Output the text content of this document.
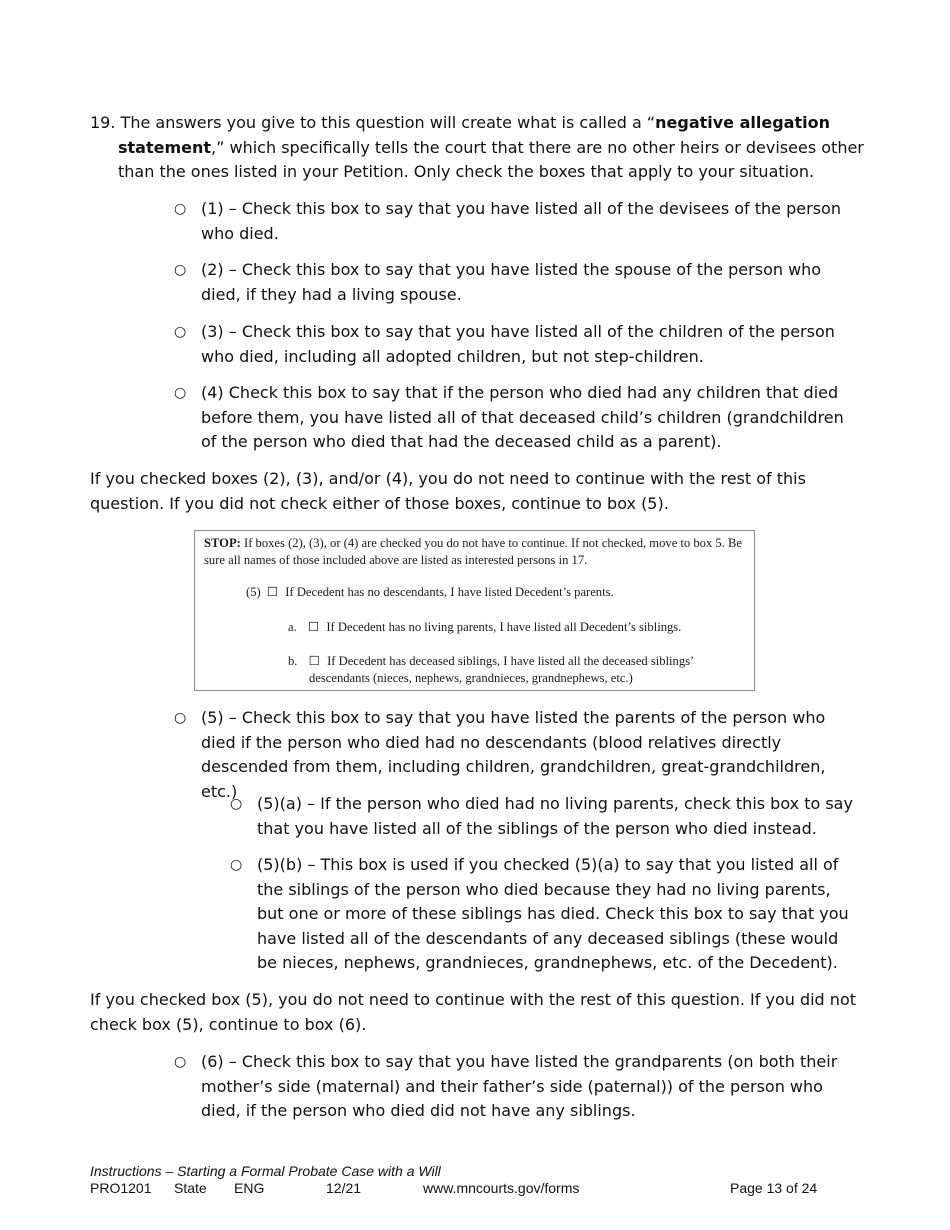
19. The answers you give to this question will create what is called a “negative allegation statement,” which specifically tells the court that there are no other heirs or devisees other than the ones listed in your Petition. Only check the boxes that apply to your situation.
○ (1) – Check this box to say that you have listed all of the devisees of the person who died.
○ (2) – Check this box to say that you have listed the spouse of the person who died, if they had a living spouse.
○ (3) – Check this box to say that you have listed all of the children of the person who died, including all adopted children, but not step-children.
○ (4) Check this box to say that if the person who died had any children that died before them, you have listed all of that deceased child’s children (grandchildren of the person who died that had the deceased child as a parent).
If you checked boxes (2), (3), and/or (4), you do not need to continue with the rest of this question. If you did not check either of those boxes, continue to box (5).
STOP: If boxes (2), (3), or (4) are checked you do not have to continue. If not checked, move to box 5. Be sure all names of those included above are listed as interested persons in 17.
(5) ☐ If Decedent has no descendants, I have listed Decedent’s parents.
a. ☐ If Decedent has no living parents, I have listed all Decedent’s siblings.
b. ☐ If Decedent has deceased siblings, I have listed all the deceased siblings’
descendants (nieces, nephews, grandnieces, grandnephews, etc.)
○ (5) – Check this box to say that you have listed the parents of the person who died if the person who died had no descendants (blood relatives directly descended from them, including children, grandchildren, great-grandchildren, etc.)
○ (5)(a) – If the person who died had no living parents, check this box to say that you have listed all of the siblings of the person who died instead.
○ (5)(b) – This box is used if you checked (5)(a) to say that you listed all of the siblings of the person who died because they had no living parents, but one or more of these siblings has died. Check this box to say that you have listed all of the descendants of any deceased siblings (these would be nieces, nephews, grandnieces, grandnephews, etc. of the Decedent).
If you checked box (5), you do not need to continue with the rest of this question. If you did not check box (5), continue to box (6).
○ (6) – Check this box to say that you have listed the grandparents (on both their mother’s side (maternal) and their father’s side (paternal)) of the person who died, if the person who died did not have any siblings.
Instructions – Starting a Formal Probate Case with a Will
PRO1201 State ENG	12/21	www.mncourts.gov/forms	Page 13 of 24
